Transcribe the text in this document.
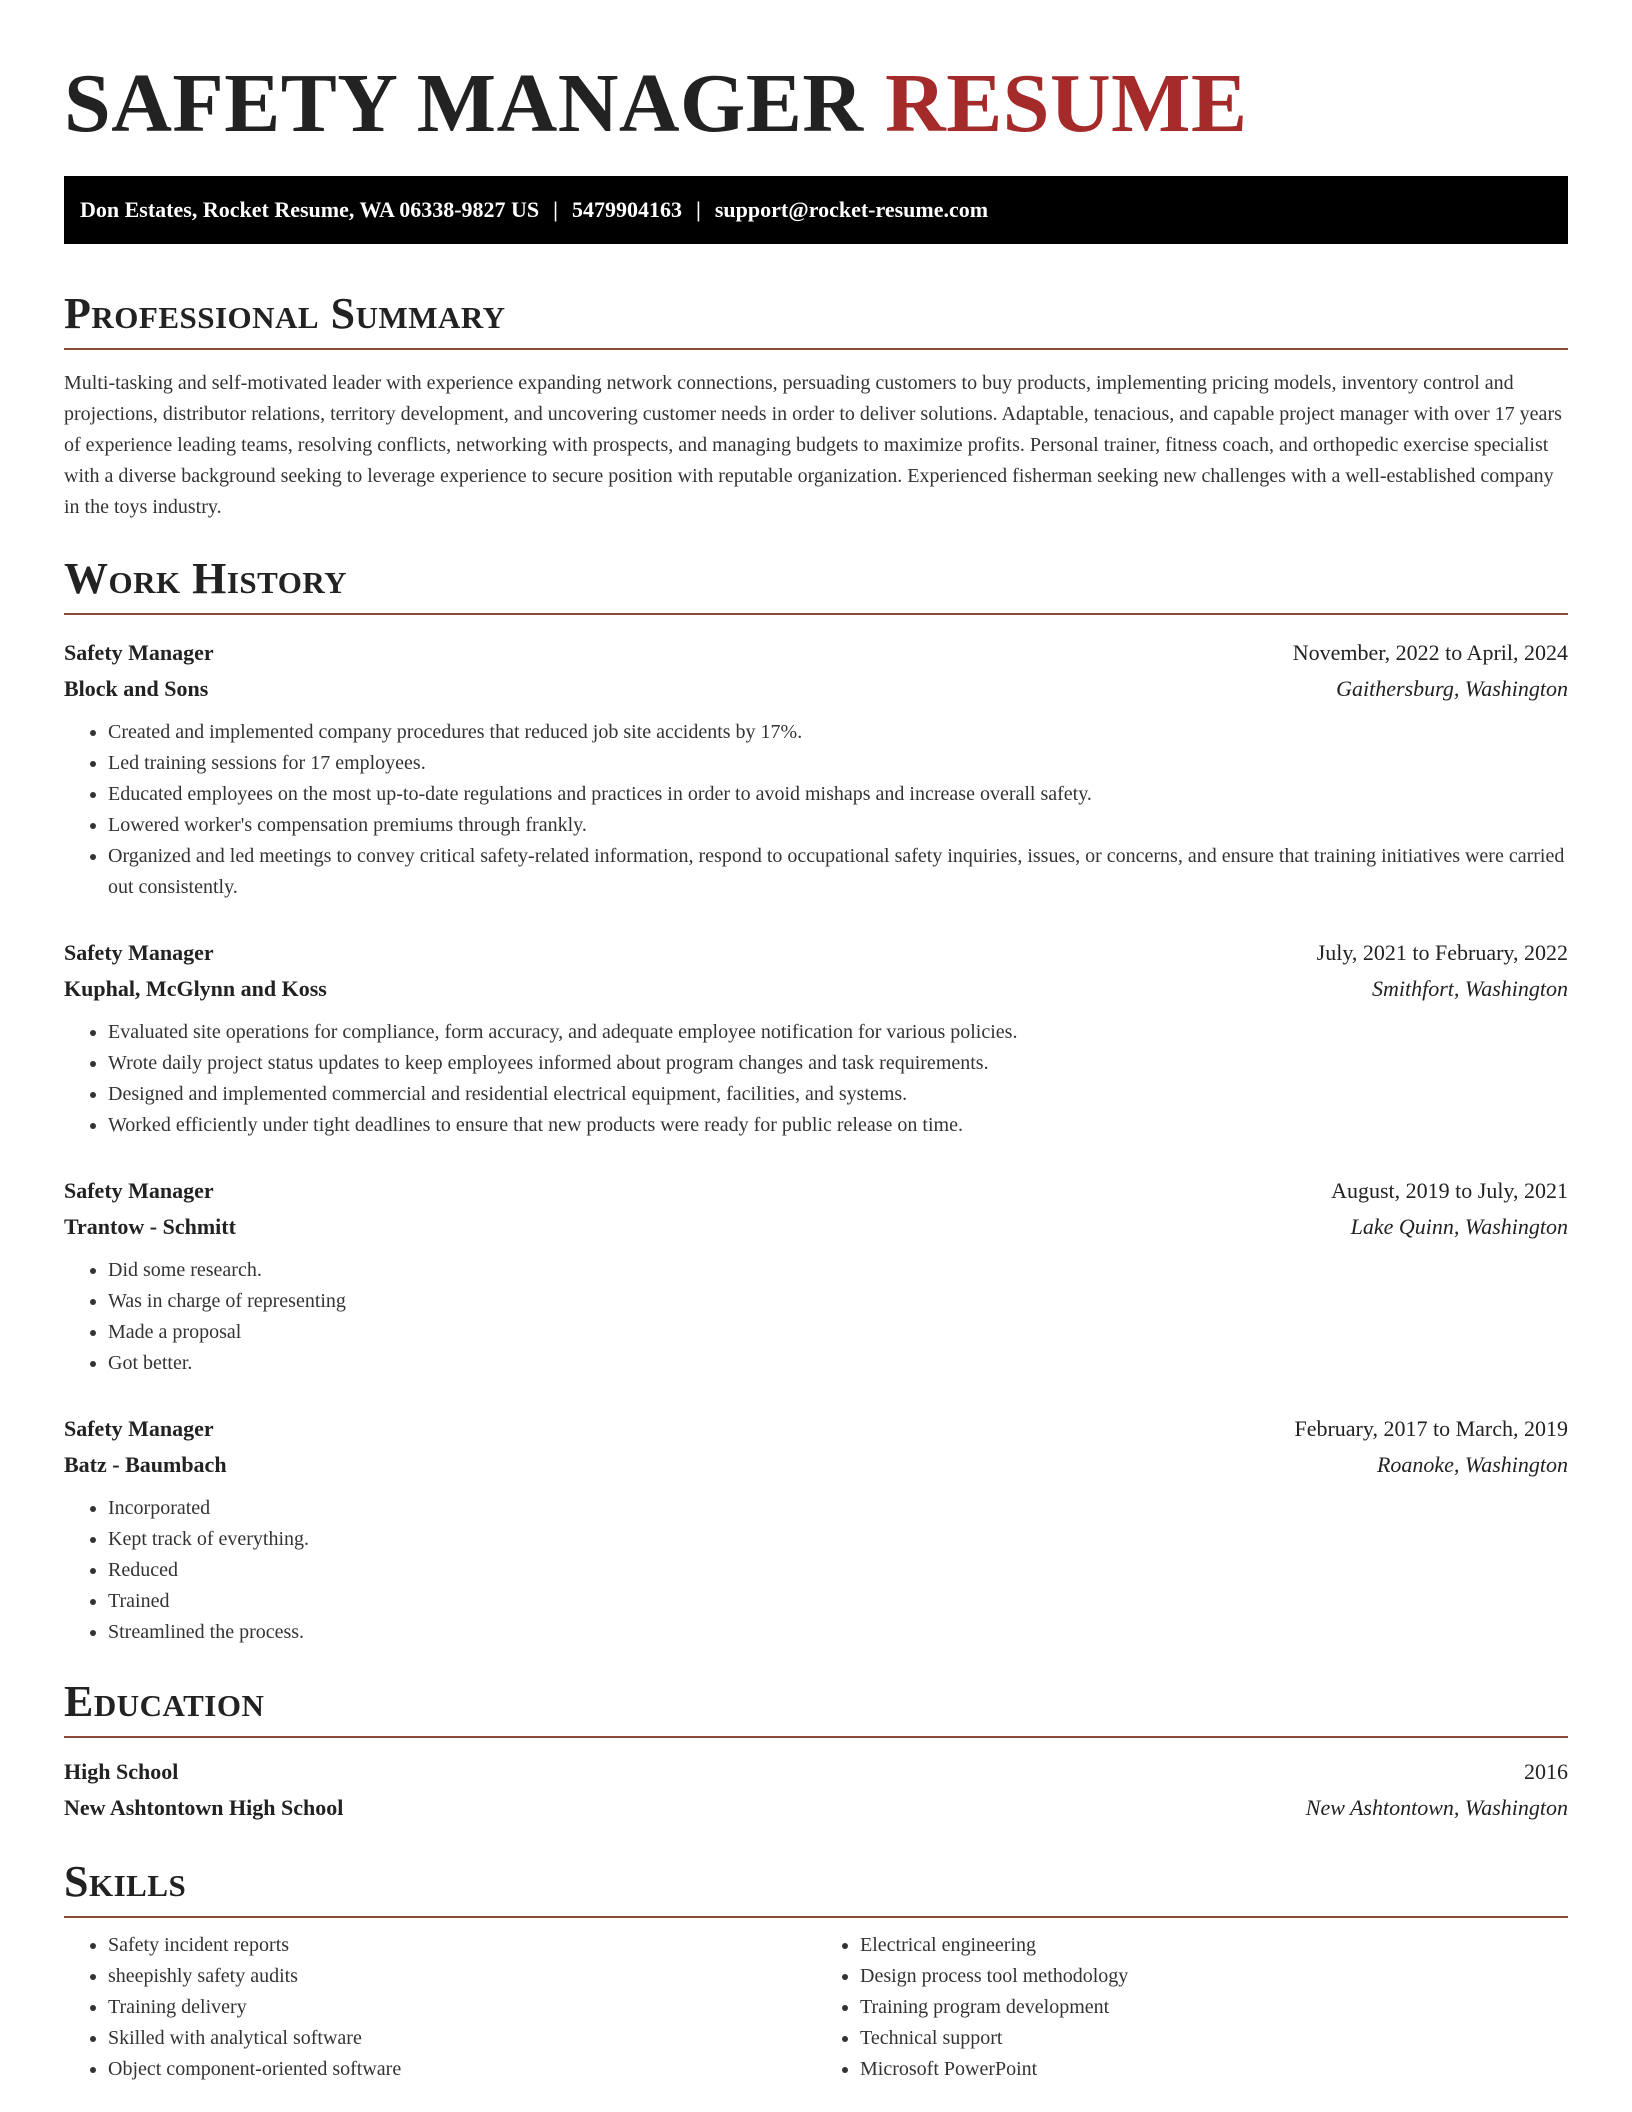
SAFETY MANAGER RESUME
Don Estates, Rocket Resume, WA 06338-9827 US | 5479904163 | support@rocket-resume.com
Professional Summary

Multi-tasking and self-motivated leader with experience expanding network connections, persuading customers to buy products, implementing pricing models, inventory control and projections, distributor relations, territory development, and uncovering customer needs in order to deliver solutions. Adaptable, tenacious, and capable project manager with over 17 years of experience leading teams, resolving conflicts, networking with prospects, and managing budgets to maximize profits. Personal trainer, fitness coach, and orthopedic exercise specialist with a diverse background seeking to leverage experience to secure position with reputable organization. Experienced fisherman seeking new challenges with a well-established company in the toys industry.

Work History
Safety Manager	November, 2022 to April, 2024
Block and Sons	Gaithersburg, Washington
• Created and implemented company procedures that reduced job site accidents by 17%.
• Led training sessions for 17 employees.
• Educated employees on the most up-to-date regulations and practices in order to avoid mishaps and increase overall safety.
• Lowered worker's compensation premiums through frankly.
• Organized and led meetings to convey critical safety-related information, respond to occupational safety inquiries, issues, or concerns, and ensure that training initiatives were carried out consistently.
Safety Manager	July, 2021 to February, 2022
Kuphal, McGlynn and Koss	Smithfort, Washington
• Evaluated site operations for compliance, form accuracy, and adequate employee notification for various policies.
• Wrote daily project status updates to keep employees informed about program changes and task requirements.
• Designed and implemented commercial and residential electrical equipment, facilities, and systems.
• Worked efficiently under tight deadlines to ensure that new products were ready for public release on time.
Safety Manager	August, 2019 to July, 2021
Trantow - Schmitt	Lake Quinn, Washington
• Did some research.
• Was in charge of representing
• Made a proposal
• Got better.
Safety Manager	February, 2017 to March, 2019
Batz - Baumbach	Roanoke, Washington
• Incorporated
• Kept track of everything.
• Reduced
• Trained
• Streamlined the process.
Education
High School	2016
New Ashtontown High School	New Ashtontown, Washington
Skills
• Safety incident reports
• sheepishly safety audits
• Training delivery
• Skilled with analytical software
• Object component-oriented software
• Electrical engineering
• Design process tool methodology
• Training program development
• Technical support
• Microsoft PowerPoint
